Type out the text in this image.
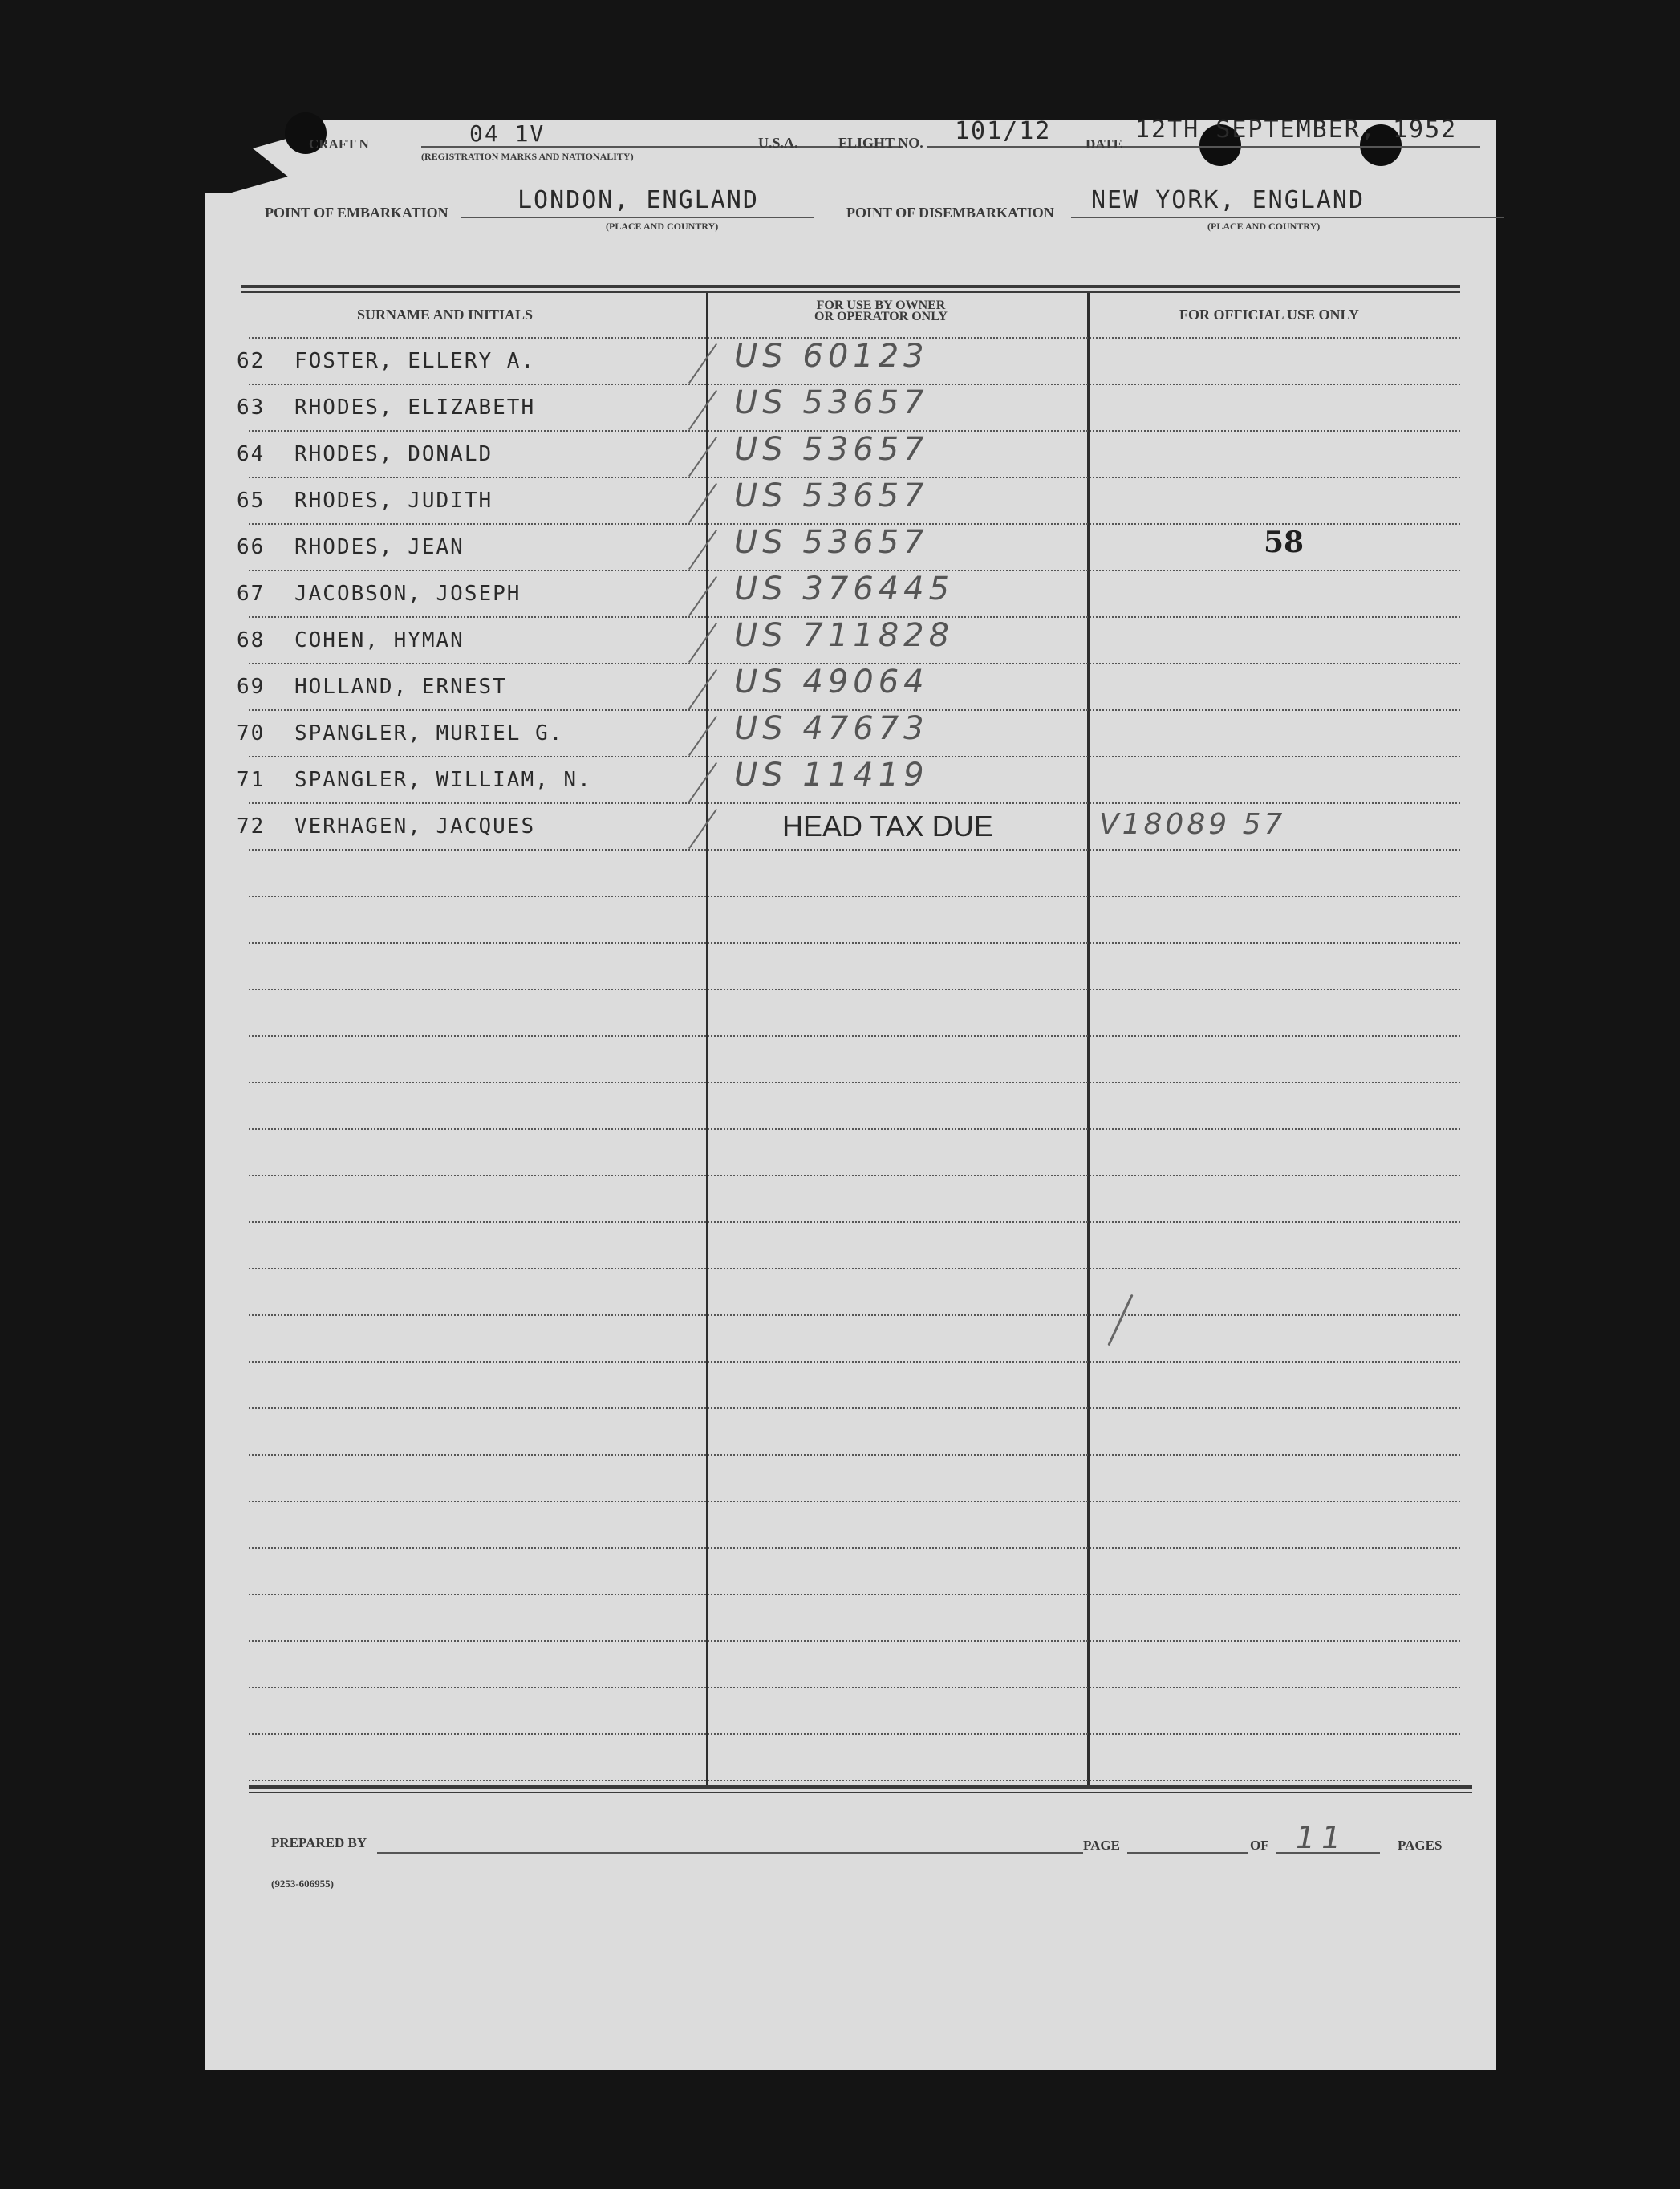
CRAFT N	04 1V
(REGISTRATION MARKS AND NATIONALITY)
U.S.A.	FLIGHT NO. 101/12	DATE
12TH SEPTEMBER, 1952
POINT OF EMBARKATION	LONDON, ENGLAND
(PLACE AND COUNTRY)
POINT OF DISEMBARKATION NEW YORK, ENGLAND
(PLACE AND COUNTRY)
SURNAME AND INITIALS
FOR USE BY OWNER
OR OPERATOR ONLY	FOR OFFICIAL USE ONLY
62 FOSTER, ELLERY A.	US 60123
63 RHODES, ELIZABETH	US 53657
64 RHODES, DONALD	US 53657
65 RHODES, JUDITH	US 53657
66 RHODES, JEAN	US 53657	58
67 JACOBSON, JOSEPH	US 376445
68 COHEN, HYMAN	US 711828
69 HOLLAND, ERNEST	US 49064
70 SPANGLER, MURIEL G.	US 47673
71 SPANGLER, WILLIAM, N.	US 11419
72 VERHAGEN, JACQUES	HEAD TAX DUE	V18089 57
PREPARED BY	PAGE	OF 11	PAGES
(9253-606955)
